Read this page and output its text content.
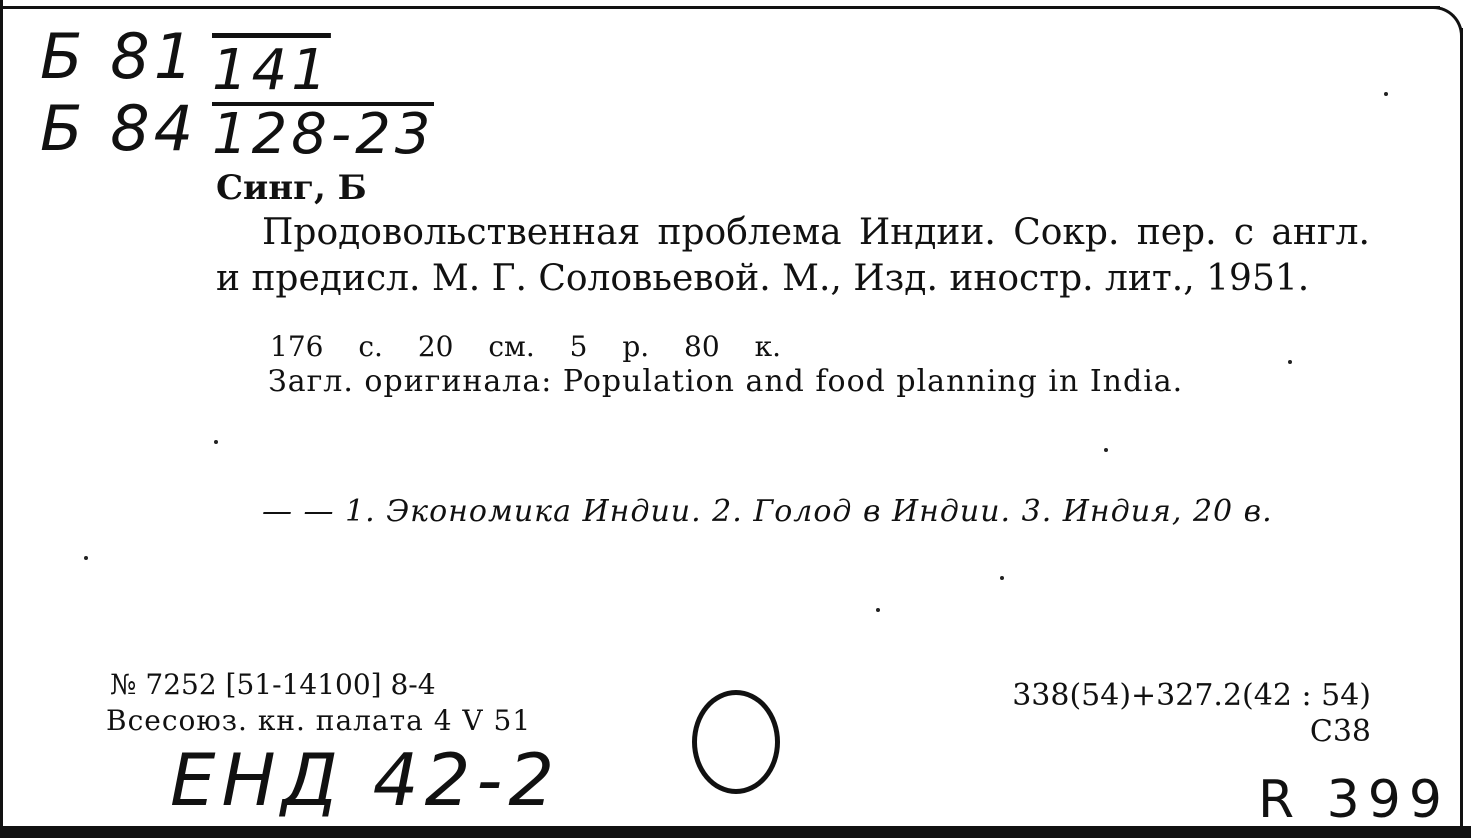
Б 81 141
Б 84 128-23
Синг, Б
Продовольственная проблема Индии. Сокр. пер. с англ. и предисл. М. Г. Соловьевой. М., Изд. иностр. лит., 1951.
176 с. 20 см. 5 р. 80 к.
Загл. оригинала: Population and food planning in India.
— — 1. Экономика Индии. 2. Голод в Индии. 3. Индия, 20 в.
№ 7252 [51-14100] 8-4
Всесоюз. кн. палата 4 V 51
338(54)+327.2(42 : 54)
С38
ЕНД 42-2	R 399
